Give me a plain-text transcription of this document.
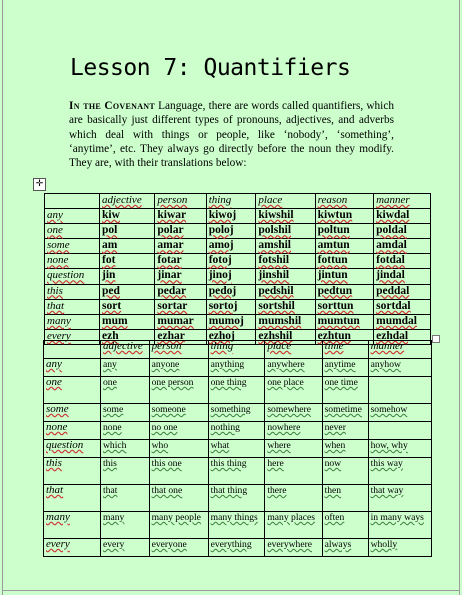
Lesson 7: Quantifiers
In the Covenant Language, there are words called quantifiers, which are basically just different types of pronouns, adjectives, and adverbs which deal with things or people, like ‘nobody’, ‘something’, ‘anytime’, etc. They always go directly before the noun they modify. They are, with their translations below:
✛
	adjective	person	thing	place	reason	manner
any	kiw	kiwar	kiwoj	kiwshil	kiwtun	kiwdal
one	pol	polar	poloj	polshil	poltun	poldal
some	am	amar	amoj	amshil	amtun	amdal
none	fot	fotar	fotoj	fotshil	fottun	fotdal
question	jin	jinar	jinoj	jinshil	jintun	jindal
this	ped	pedar	pedoj	pedshil	pedtun	peddal
that	sort	sortar	sortoj	sortshil	sorttun	sortdal
many	mum	mumar	mumoj	mumshil	mumtun	mumdal
every	ezh	ezhar	ezhoj	ezhshil	ezhtun	ezhdal
	adjective	person	thing	place	time	manner
any	any	anyone	anything	anywhere	anytime	anyhow
one	one	one person	one thing	one place	one time	
some	some	someone	something	somewhere	sometime	somehow
none	none	no one	nothing	nowhere	never	
question	which	who	what	where	when	how, why
this	this	this one	this thing	here	now	this way
that	that	that one	that thing	there	then	that way
many	many	many people	many things	many places	often	in many ways
every	every	everyone	everything	everywhere	always	wholly
